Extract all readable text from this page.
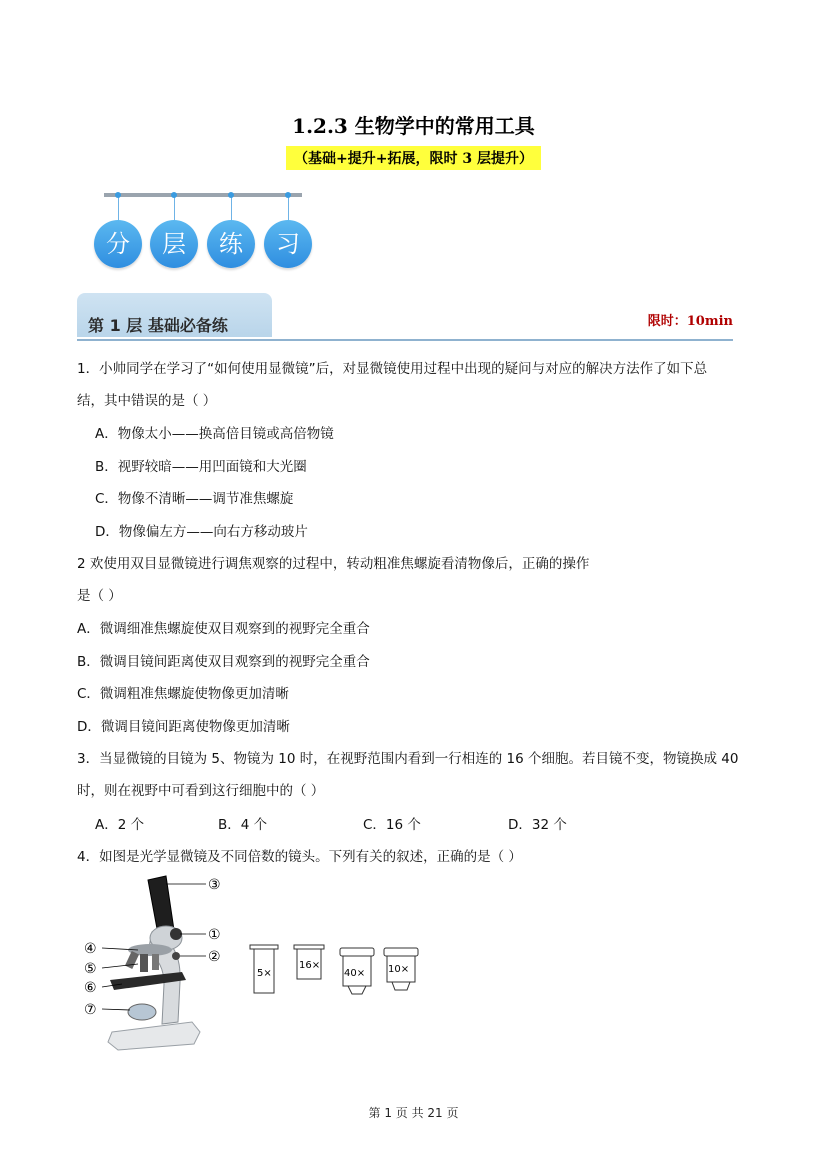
1.2.3 生物学中的常用工具
（基础+提升+拓展，限时 3 层提升）
分	层	练	习
第 1 层 基础必备练	限时：10min
1．小帅同学在学习了“如何使用显微镜”后，对显微镜使用过程中出现的疑问与对应的解决方法作了如下总
结，其中错误的是（ ）
A．物像太小——换高倍目镜或高倍物镜
B．视野较暗——用凹面镜和大光圈
C．物像不清晰——调节准焦螺旋
D．物像偏左方——向右方移动玻片
2 欢使用双目显微镜进行调焦观察的过程中，转动粗准焦螺旋看清物像后，正确的操作
是（ ）
A．微调细准焦螺旋使双目观察到的视野完全重合
B．微调目镜间距离使双目观察到的视野完全重合
C．微调粗准焦螺旋使物像更加清晰
D．微调目镜间距离使物像更加清晰
3．当显微镜的目镜为 5、物镜为 10 时，在视野范围内看到一行相连的 16 个细胞。若目镜不变，物镜换成 40
时，则在视野中可看到这行细胞中的（ ）
A．2 个	B．4 个	C．16 个	D．32 个
4．如图是光学显微镜及不同倍数的镜头。下列有关的叙述，正确的是（ ）
③
①
②
④
⑤
⑥
⑦
5×
16×
40× 10×
第 1 页 共 21 页
